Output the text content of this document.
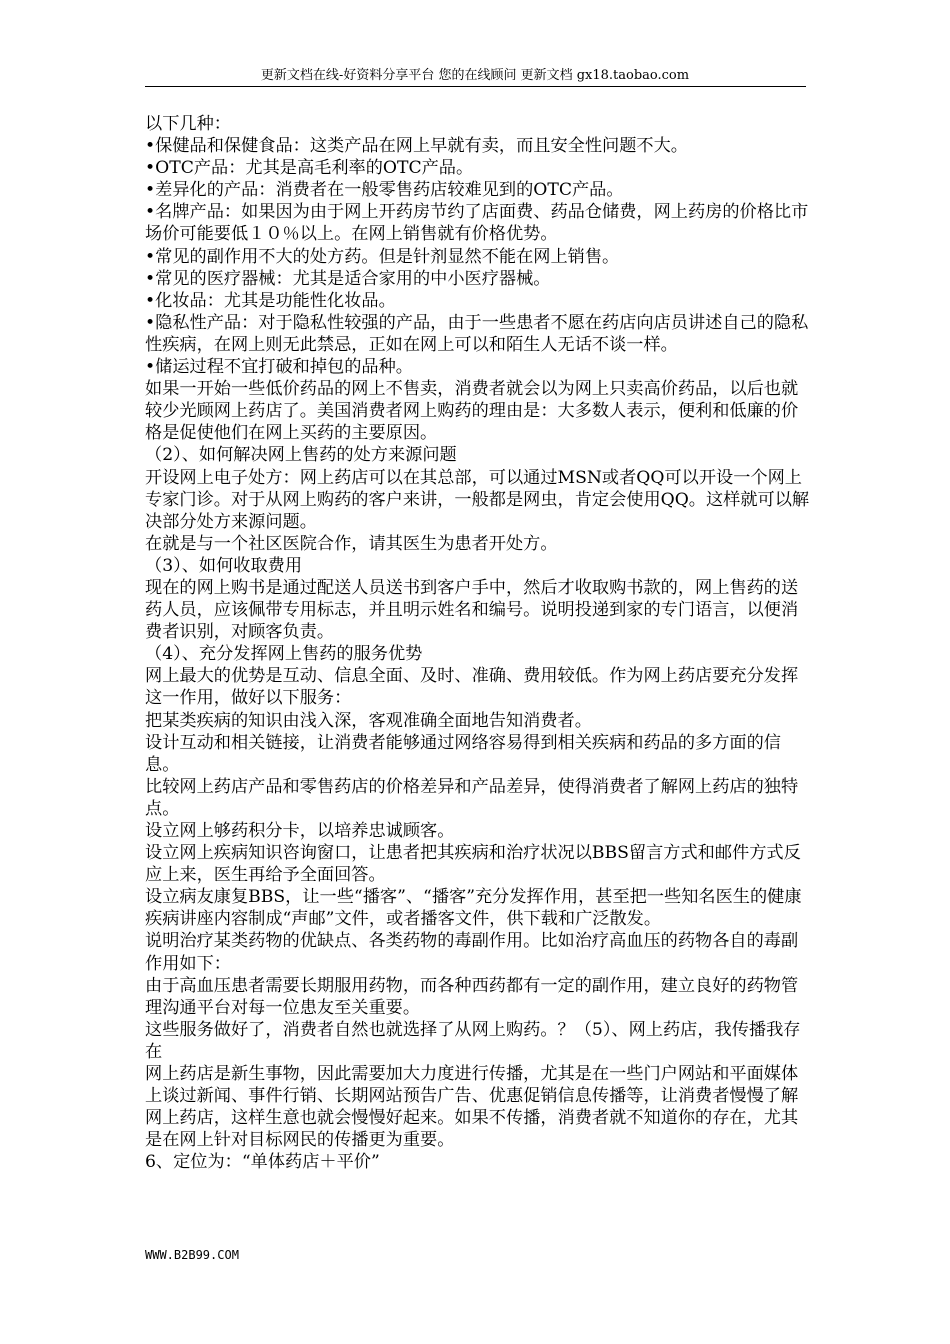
更新文档在线-好资料分享平台 您的在线顾问 更新文档 gx18.taobao.com

以下几种：

•保健品和保健食品：这类产品在网上早就有卖，而且安全性问题不大。

•OTC产品：尤其是高毛利率的OTC产品。

•差异化的产品：消费者在一般零售药店较难见到的OTC产品。

•名牌产品：如果因为由于网上开药房节约了店面费、药品仓储费，网上药房的价格比市场价可能要低１０％以上。在网上销售就有价格优势。

•常见的副作用不大的处方药。但是针剂显然不能在网上销售。

•常见的医疗器械：尤其是适合家用的中小医疗器械。

•化妆品：尤其是功能性化妆品。

•隐私性产品：对于隐私性较强的产品，由于一些患者不愿在药店向店员讲述自己的隐私性疾病，在网上则无此禁忌，正如在网上可以和陌生人无话不谈一样。

•储运过程不宜打破和掉包的品种。

如果一开始一些低价药品的网上不售卖，消费者就会以为网上只卖高价药品，以后也就较少光顾网上药店了。美国消费者网上购药的理由是：大多数人表示，便利和低廉的价格是促使他们在网上买药的主要原因。

（2）、如何解决网上售药的处方来源问题

开设网上电子处方：网上药店可以在其总部，可以通过MSN或者QQ可以开设一个网上专家门诊。对于从网上购药的客户来讲，一般都是网虫，肯定会使用QQ。这样就可以解决部分处方来源问题。

在就是与一个社区医院合作，请其医生为患者开处方。

（3）、如何收取费用

现在的网上购书是通过配送人员送书到客户手中，然后才收取购书款的，网上售药的送药人员，应该佩带专用标志，并且明示姓名和编号。说明投递到家的专门语言，以便消费者识别，对顾客负责。

（4）、充分发挥网上售药的服务优势

网上最大的优势是互动、信息全面、及时、准确、费用较低。作为网上药店要充分发挥这一作用，做好以下服务：

把某类疾病的知识由浅入深，客观准确全面地告知消费者。

设计互动和相关链接，让消费者能够通过网络容易得到相关疾病和药品的多方面的信息。

比较网上药店产品和零售药店的价格差异和产品差异，使得消费者了解网上药店的独特点。

设立网上够药积分卡，以培养忠诚顾客。

设立网上疾病知识咨询窗口，让患者把其疾病和治疗状况以BBS留言方式和邮件方式反应上来，医生再给予全面回答。

设立病友康复BBS，让一些“播客”、“播客”充分发挥作用，甚至把一些知名医生的健康疾病讲座内容制成“声邮”文件，或者播客文件，供下载和广泛散发。

说明治疗某类药物的优缺点、各类药物的毒副作用。比如治疗高血压的药物各自的毒副作用如下：

由于高血压患者需要长期服用药物，而各种西药都有一定的副作用，建立良好的药物管理沟通平台对每一位患友至关重要。

这些服务做好了，消费者自然也就选择了从网上购药。？（5）、网上药店，我传播我存在

网上药店是新生事物，因此需要加大力度进行传播，尤其是在一些门户网站和平面媒体上谈过新闻、事件行销、长期网站预告广告、优惠促销信息传播等，让消费者慢慢了解网上药店，这样生意也就会慢慢好起来。如果不传播，消费者就不知道你的存在，尤其是在网上针对目标网民的传播更为重要。

6、定位为：“单体药店＋平价”

WWW.B2B99.COM
